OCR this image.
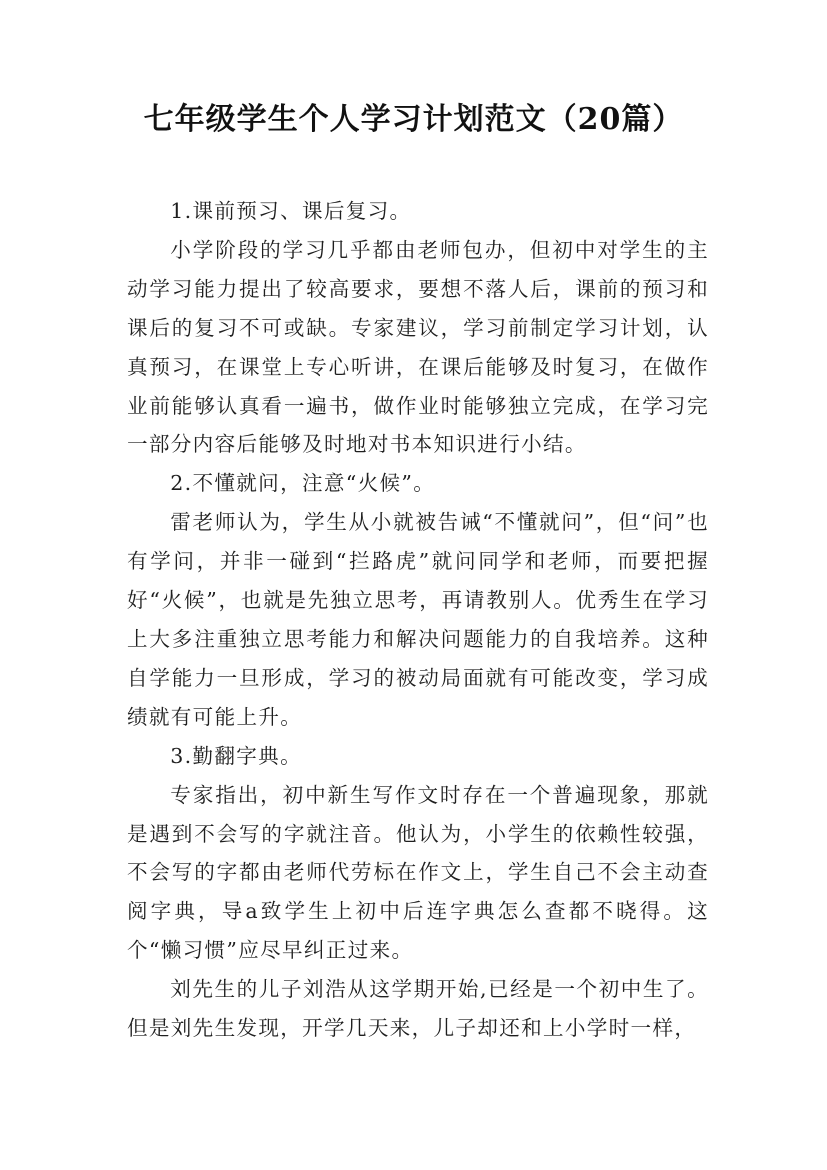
七年级学生个人学习计划范文（20篇）

1.课前预习、课后复习。

小学阶段的学习几乎都由老师包办，但初中对学生的主动学习能力提出了较高要求，要想不落人后，课前的预习和课后的复习不可或缺。专家建议，学习前制定学习计划，认真预习，在课堂上专心听讲，在课后能够及时复习，在做作业前能够认真看一遍书，做作业时能够独立完成，在学习完一部分内容后能够及时地对书本知识进行小结。

2.不懂就问，注意“火候”。

雷老师认为，学生从小就被告诫“不懂就问”，但“问”也有学问，并非一碰到“拦路虎”就问同学和老师，而要把握好“火候”，也就是先独立思考，再请教别人。优秀生在学习上大多注重独立思考能力和解决问题能力的自我培养。这种自学能力一旦形成，学习的被动局面就有可能改变，学习成绩就有可能上升。

3.勤翻字典。

专家指出，初中新生写作文时存在一个普遍现象，那就是遇到不会写的字就注音。他认为，小学生的依赖性较强，不会写的字都由老师代劳标在作文上，学生自己不会主动查阅字典，导a致学生上初中后连字典怎么查都不晓得。这个“懒习惯”应尽早纠正过来。

刘先生的儿子刘浩从这学期开始,已经是一个初中生了。但是刘先生发现，开学几天来，儿子却还和上小学时一样，
